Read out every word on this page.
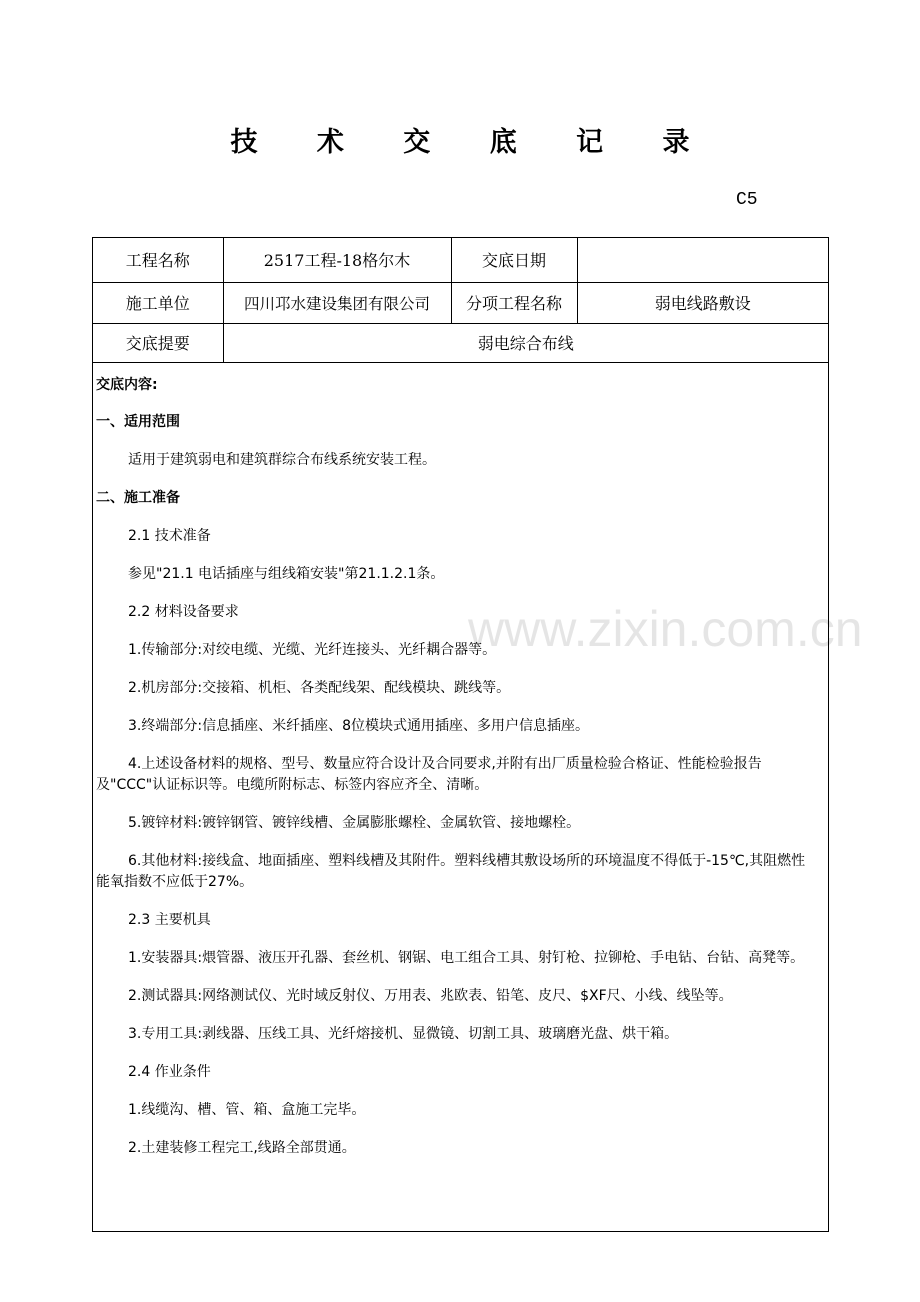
技 术 交 底 记 录
C5
工程名称	2517工程-18格尔木	交底日期	
施工单位	四川邛水建设集团有限公司	分项工程名称	弱电线路敷设
交底提要	弱电综合布线		

交底内容:

一、适用范围

适用于建筑弱电和建筑群综合布线系统安装工程。

二、施工准备

2.1 技术准备

参见"21.1 电话插座与组线箱安装"第21.1.2.1条。

2.2 材料设备要求

1.传输部分:对绞电缆、光缆、光纤连接头、光纤耦合器等。

2.机房部分:交接箱、机柜、各类配线架、配线模块、跳线等。

3.终端部分:信息插座、米纤插座、8位模块式通用插座、多用户信息插座。

4.上述设备材料的规格、型号、数量应符合设计及合同要求,并附有出厂质量检验合格证、性能检验报告及"CCC"认证标识等。电缆所附标志、标签内容应齐全、清晰。

5.镀锌材料:镀锌钢管、镀锌线槽、金属膨胀螺栓、金属软管、接地螺栓。

6.其他材料:接线盒、地面插座、塑料线槽及其附件。塑料线槽其敷设场所的环境温度不得低于-15℃,其阻燃性能氧指数不应低于27%。

2.3 主要机具

1.安装器具:煨管器、液压开孔器、套丝机、钢锯、电工组合工具、射钉枪、拉铆枪、手电钻、台钻、高凳等。

2.测试器具:网络测试仪、光时域反射仪、万用表、兆欧表、铅笔、皮尺、$XF尺、小线、线坠等。

3.专用工具:剥线器、压线工具、光纤熔接机、显微镜、切割工具、玻璃磨光盘、烘干箱。

2.4 作业条件

1.线缆沟、槽、管、箱、盒施工完毕。

2.土建装修工程完工,线路全部贯通。

www.zixin.com.cn
